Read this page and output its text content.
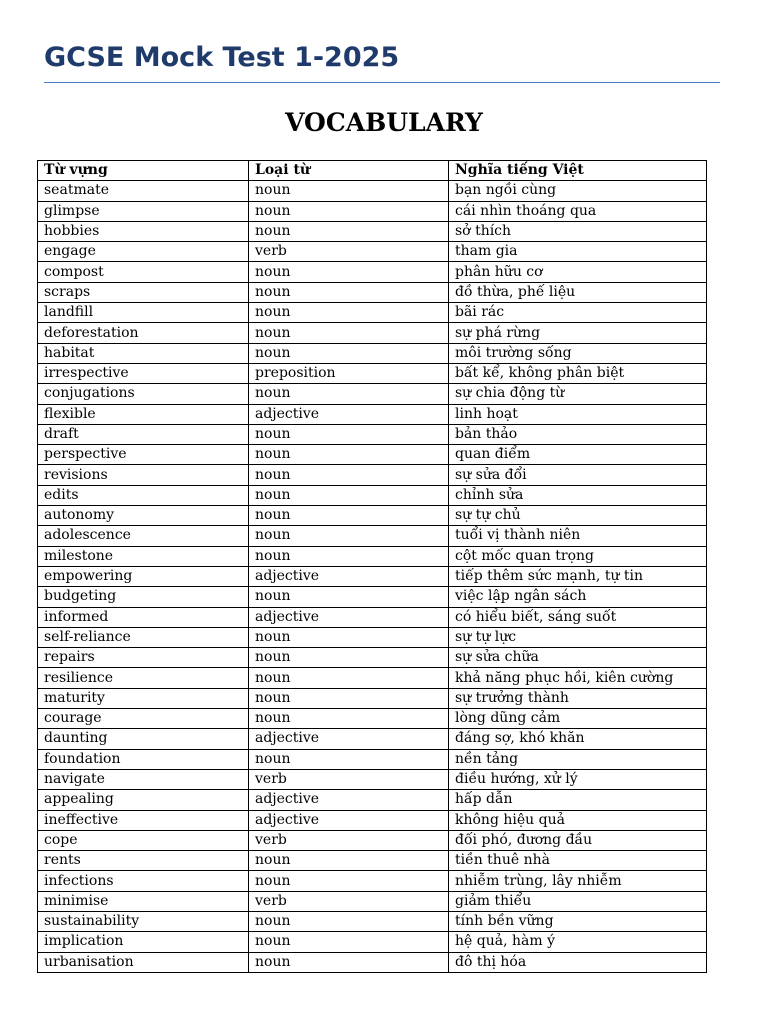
GCSE Mock Test 1-2025
VOCABULARY
Từ vựng	Loại từ	Nghĩa tiếng Việt
seatmate	noun	bạn ngồi cùng
glimpse	noun	cái nhìn thoáng qua
hobbies	noun	sở thích
engage	verb	tham gia
compost	noun	phân hữu cơ
scraps	noun	đồ thừa, phế liệu
landfill	noun	bãi rác
deforestation	noun	sự phá rừng
habitat	noun	môi trường sống
irrespective	preposition	bất kể, không phân biệt
conjugations	noun	sự chia động từ
flexible	adjective	linh hoạt
draft	noun	bản thảo
perspective	noun	quan điểm
revisions	noun	sự sửa đổi
edits	noun	chỉnh sửa
autonomy	noun	sự tự chủ
adolescence	noun	tuổi vị thành niên
milestone	noun	cột mốc quan trọng
empowering	adjective	tiếp thêm sức mạnh, tự tin
budgeting	noun	việc lập ngân sách
informed	adjective	có hiểu biết, sáng suốt
self-reliance	noun	sự tự lực
repairs	noun	sự sửa chữa
resilience	noun	khả năng phục hồi, kiên cường
maturity	noun	sự trưởng thành
courage	noun	lòng dũng cảm
daunting	adjective	đáng sợ, khó khăn
foundation	noun	nền tảng
navigate	verb	điều hướng, xử lý
appealing	adjective	hấp dẫn
ineffective	adjective	không hiệu quả
cope	verb	đối phó, đương đầu
rents	noun	tiền thuê nhà
infections	noun	nhiễm trùng, lây nhiễm
minimise	verb	giảm thiểu
sustainability	noun	tính bền vững
implication	noun	hệ quả, hàm ý
urbanisation	noun	đô thị hóa
